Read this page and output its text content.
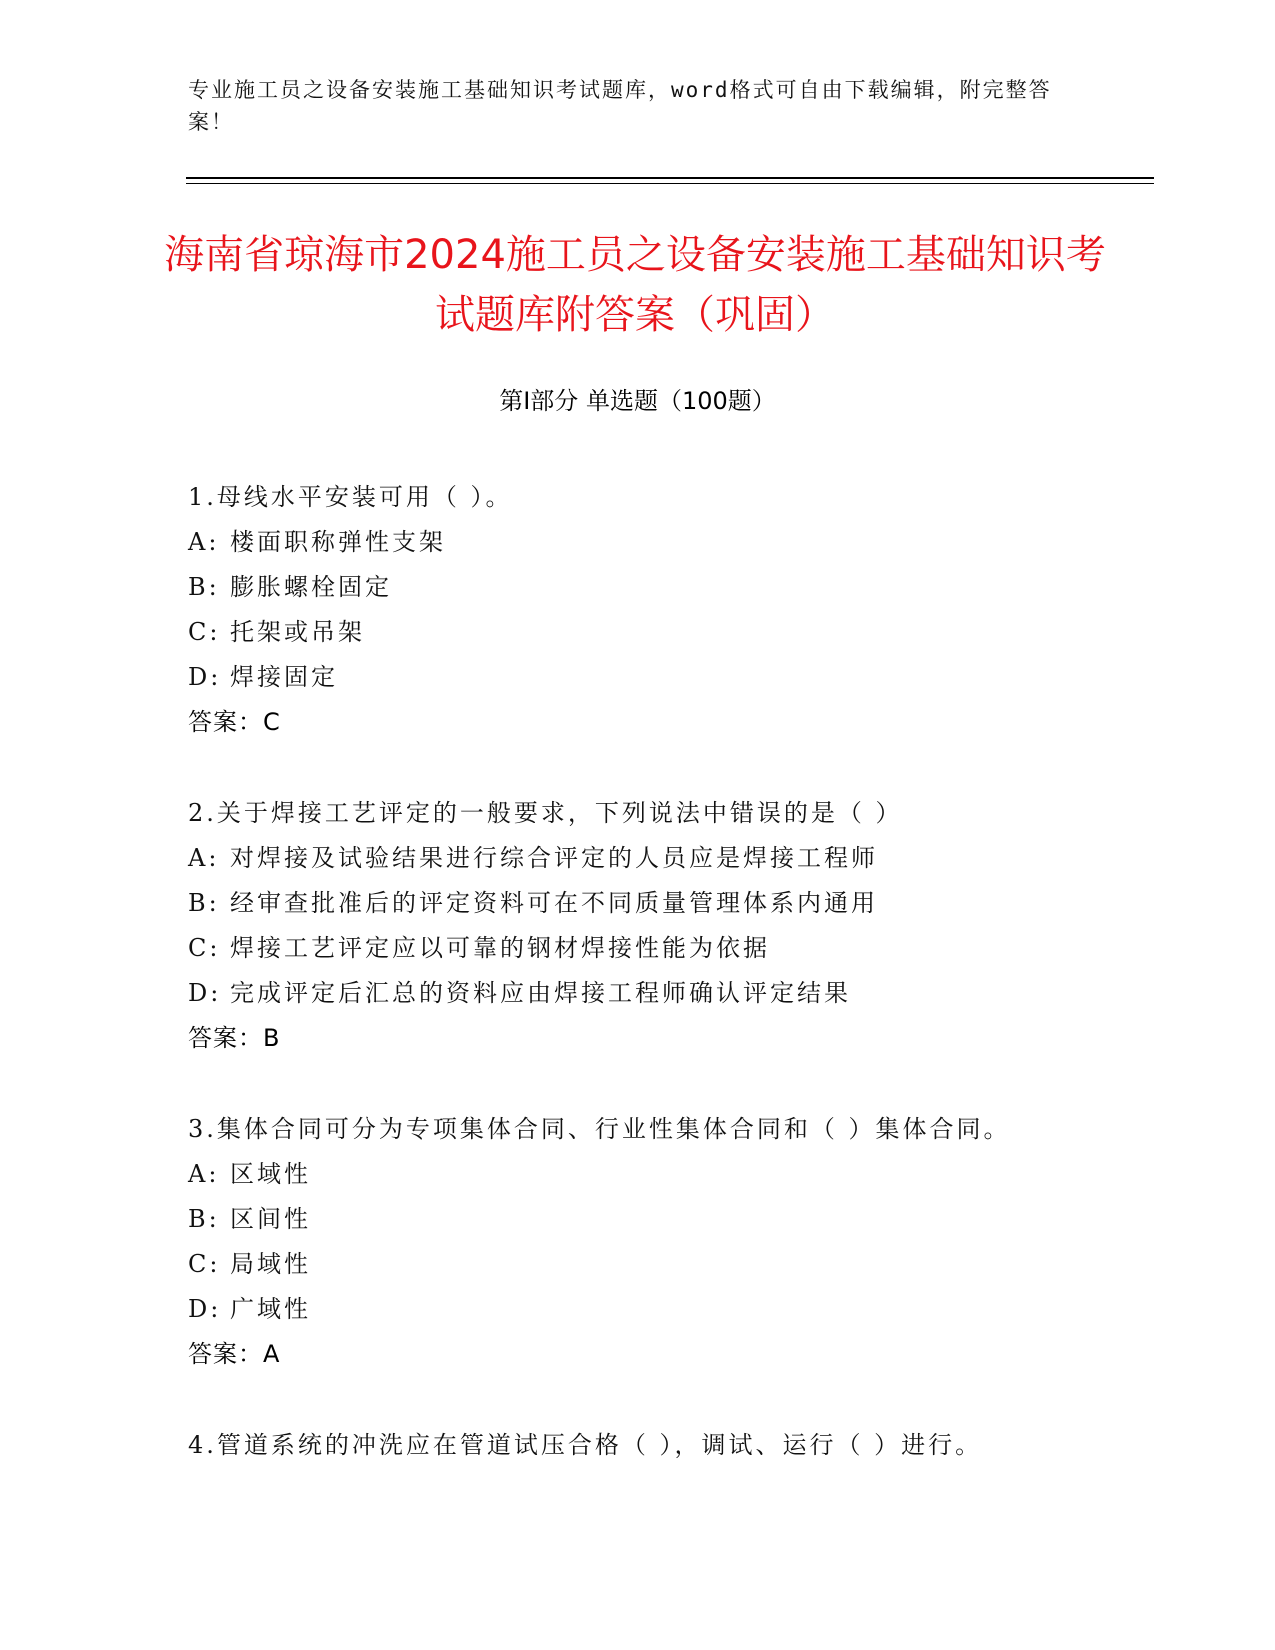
专业施工员之设备安装施工基础知识考试题库，word格式可自由下载编辑，附完整答案！
海南省琼海市2024施工员之设备安装施工基础知识考试题库附答案（巩固）
第Ⅰ部分 单选题（100题）
1.母线水平安装可用（ ）。
A: 楼面职称弹性支架
B: 膨胀螺栓固定
C: 托架或吊架
D: 焊接固定
答案：C
2.关于焊接工艺评定的一般要求，下列说法中错误的是（ ）
A: 对焊接及试验结果进行综合评定的人员应是焊接工程师
B: 经审查批准后的评定资料可在不同质量管理体系内通用
C: 焊接工艺评定应以可靠的钢材焊接性能为依据
D: 完成评定后汇总的资料应由焊接工程师确认评定结果
答案：B
3.集体合同可分为专项集体合同、行业性集体合同和（ ）集体合同。
A: 区域性
B: 区间性
C: 局域性
D: 广域性
答案：A
4.管道系统的冲洗应在管道试压合格（ ），调试、运行（ ）进行。
